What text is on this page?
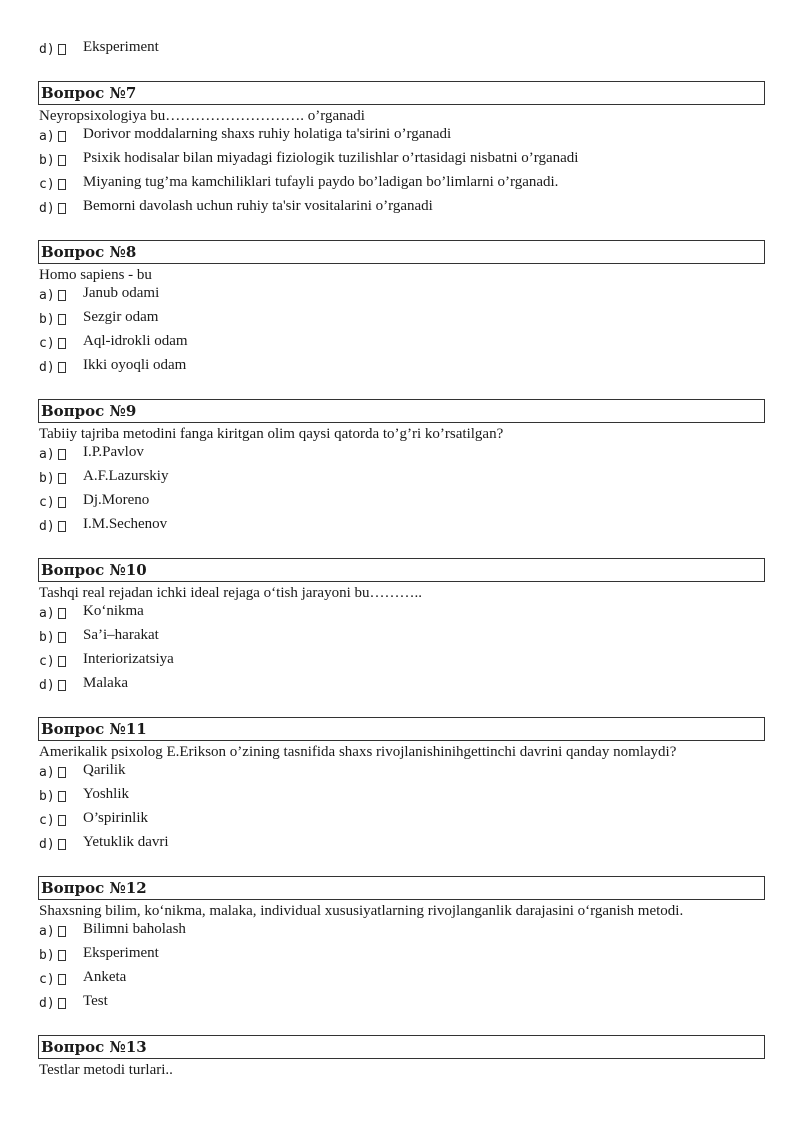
d ) Eksperiment
Вопрос №7
Neyropsixologiya bu………………………. o’rganadi
a ) Dorivor moddalarning shaxs ruhiy holatiga ta'sirini o’rganadi
b ) Psixik hodisalar bilan miyadagi fiziologik tuzilishlar o’rtasidagi nisbatni o’rganadi
c ) Miyaning tug’ma kamchiliklari tufayli paydo bo’ladigan bo’limlarni o’rganadi.
d ) Bemorni davolash uchun ruhiy ta'sir vositalarini o’rganadi
Вопрос №8
Homo sapiens - bu
a ) Janub odami
b ) Sezgir odam
c ) Aql-idrokli odam
d ) Ikki oyoqli odam
Вопрос №9
Tabiiy tajriba metodini fanga kiritgan olim qaysi qatorda to’g’ri ko’rsatilgan?
a ) I.P.Pavlov
b ) A.F.Lazurskiy
c ) Dj.Moreno
d ) I.M.Sechenov
Вопрос №10
Tashqi real rejadan ichki ideal rejaga o‘tish jarayoni bu………..
a ) Ko‘nikma
b ) Sa’i–harakat
c ) Interiorizatsiya
d ) Malaka
Вопрос №11
Amerikalik psixolog E.Erikson o’zining tasnifida shaxs rivojlanishinihgettinchi davrini qanday nomlaydi?
a ) Qarilik
b ) Yoshlik
c ) O’spirinlik
d ) Yetuklik davri
Вопрос №12
Shaxsning bilim, ko‘nikma, malaka, individual xususiyatlarning rivojlanganlik darajasini o‘rganish metodi.
a ) Bilimni baholash
b ) Eksperiment
c ) Anketa
d ) Test
Вопрос №13
Testlar metodi turlari..
